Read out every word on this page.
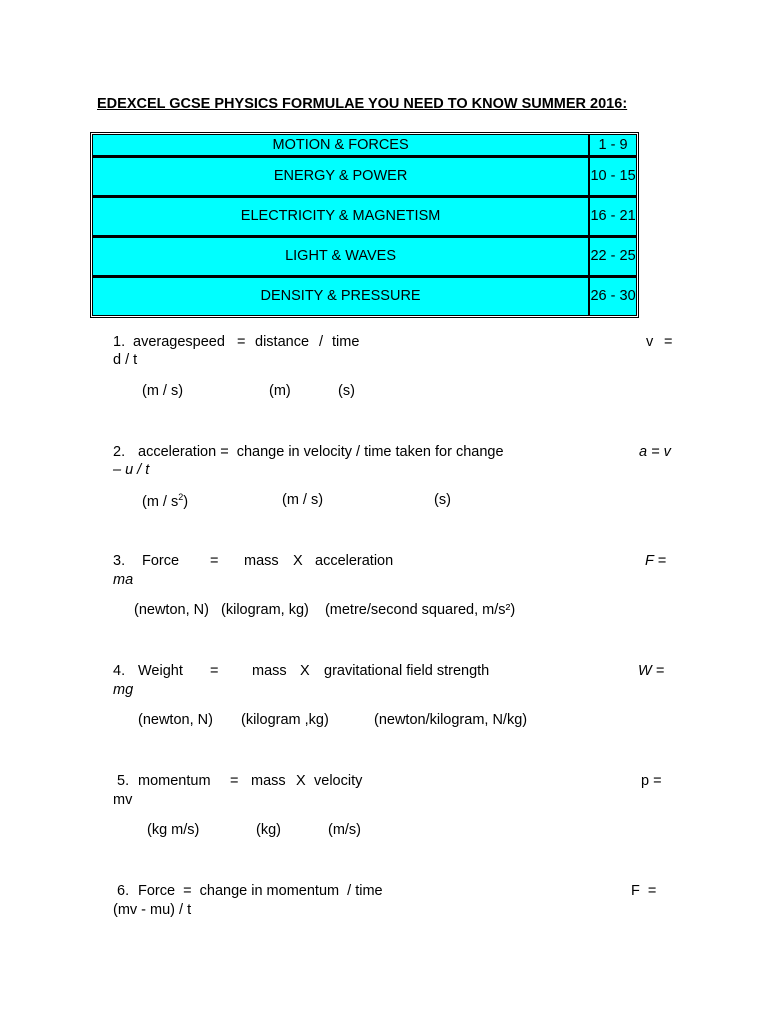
EDEXCEL GCSE PHYSICS FORMULAE YOU NEED TO KNOW SUMMER 2016:
MOTION & FORCES	1 - 9
ENERGY & POWER	10 - 15
ELECTRICITY & MAGNETISM	16 - 21
LIGHT & WAVES	22 - 25
DENSITY & PRESSURE	26 - 30
1. averagespeed = distance / time	v =
d / t
(m / s)	(m)	(s)
2. acceleration =  change in velocity / time taken for change	a = v
– u / t
$(m / s^2)$	(m / s)	(s)
3. Force = mass X acceleration	F =
ma
(newton, N)   (kilogram, kg)    (metre/second squared, m/s²)
4. Weight = mass X gravitational field strength	W =
mg
(newton, N) (kilogram ,kg)	(newton/kilogram, N/kg)
5. momentum = mass X velocity	p =
mv
(kg m/s)	(kg)	(m/s)
6. Force  =  change in momentum  / time	F  =
(mv - mu) / t
